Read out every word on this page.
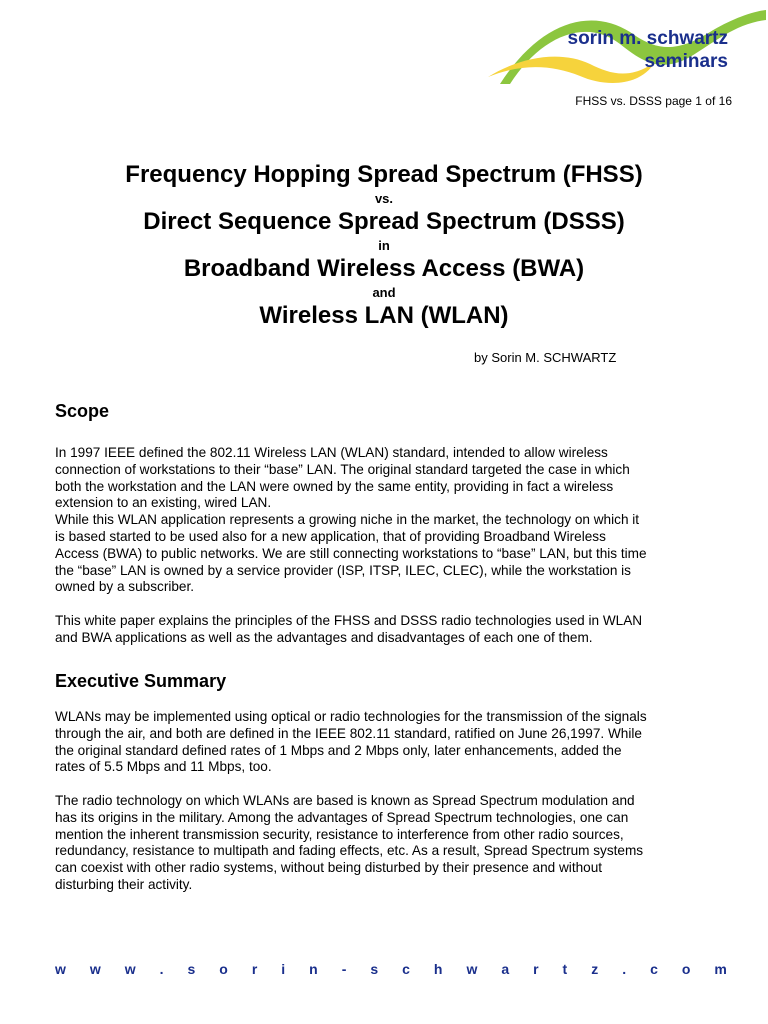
sorin m. schwartz
seminars
FHSS vs. DSSS page 1 of 16
Frequency Hopping Spread Spectrum (FHSS)
vs.
Direct Sequence Spread Spectrum (DSSS)
in
Broadband Wireless Access (BWA)
and
Wireless LAN (WLAN)
by Sorin M. SCHWARTZ
Scope

In 1997 IEEE defined the 802.11 Wireless LAN (WLAN) standard, intended to allow wireless
connection of workstations to their “base” LAN. The original standard targeted the case in which
both the workstation and the LAN were owned by the same entity, providing in fact a wireless
extension to an existing, wired LAN.
While this WLAN application represents a growing niche in the market, the technology on which it
is based started to be used also for a new application, that of providing Broadband Wireless
Access (BWA) to public networks. We are still connecting workstations to “base” LAN, but this time
the “base” LAN is owned by a service provider (ISP, ITSP, ILEC, CLEC), while the workstation is
owned by a subscriber.

This white paper explains the principles of the FHSS and DSSS radio technologies used in WLAN
and BWA applications as well as the advantages and disadvantages of each one of them.

Executive Summary

WLANs may be implemented using optical or radio technologies for the transmission of the signals
through the air, and both are defined in the IEEE 802.11 standard, ratified on June 26,1997. While
the original standard defined rates of 1 Mbps and 2 Mbps only, later enhancements, added the
rates of 5.5 Mbps and 11 Mbps, too.

The radio technology on which WLANs are based is known as Spread Spectrum modulation and
has its origins in the military. Among the advantages of Spread Spectrum technologies, one can
mention the inherent transmission security, resistance to interference from other radio sources,
redundancy, resistance to multipath and fading effects, etc. As a result, Spread Spectrum systems
can coexist with other radio systems, without being disturbed by their presence and without
disturbing their activity.

w w w . s o r i n - s c h w a r t z . c o m
